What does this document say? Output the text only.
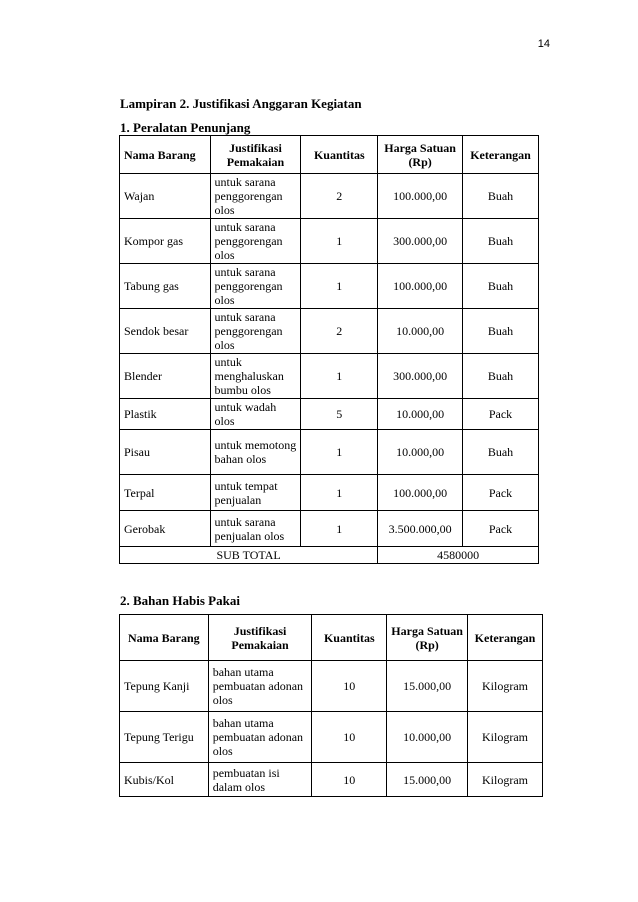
14
Lampiran 2. Justifikasi Anggaran Kegiatan
1. Peralatan Penunjang
Nama Barang	Justifikasi Pemakaian	Kuantitas	Harga Satuan (Rp)	Keterangan
Wajan	untuk sarana penggorengan olos	2	100.000,00	Buah
Kompor gas	untuk sarana penggorengan olos	1	300.000,00	Buah
Tabung gas	untuk sarana penggorengan olos	1	100.000,00	Buah
Sendok besar	untuk sarana penggorengan olos	2	10.000,00	Buah
Blender	untuk menghaluskan bumbu olos	1	300.000,00	Buah
Plastik	untuk wadah olos	5	10.000,00	Pack
Pisau	untuk memotong bahan olos	1	10.000,00	Buah
Terpal	untuk tempat penjualan	1	100.000,00	Pack
Gerobak	untuk sarana penjualan olos	1	3.500.000,00	Pack
SUB TOTAL			4580000	
2. Bahan Habis Pakai
Nama Barang	Justifikasi Pemakaian	Kuantitas	Harga Satuan (Rp)	Keterangan
Tepung Kanji	bahan utama pembuatan adonan olos	10	15.000,00	Kilogram
Tepung Terigu	bahan utama pembuatan adonan olos	10	10.000,00	Kilogram
Kubis/Kol	pembuatan isi dalam olos	10	15.000,00	Kilogram
